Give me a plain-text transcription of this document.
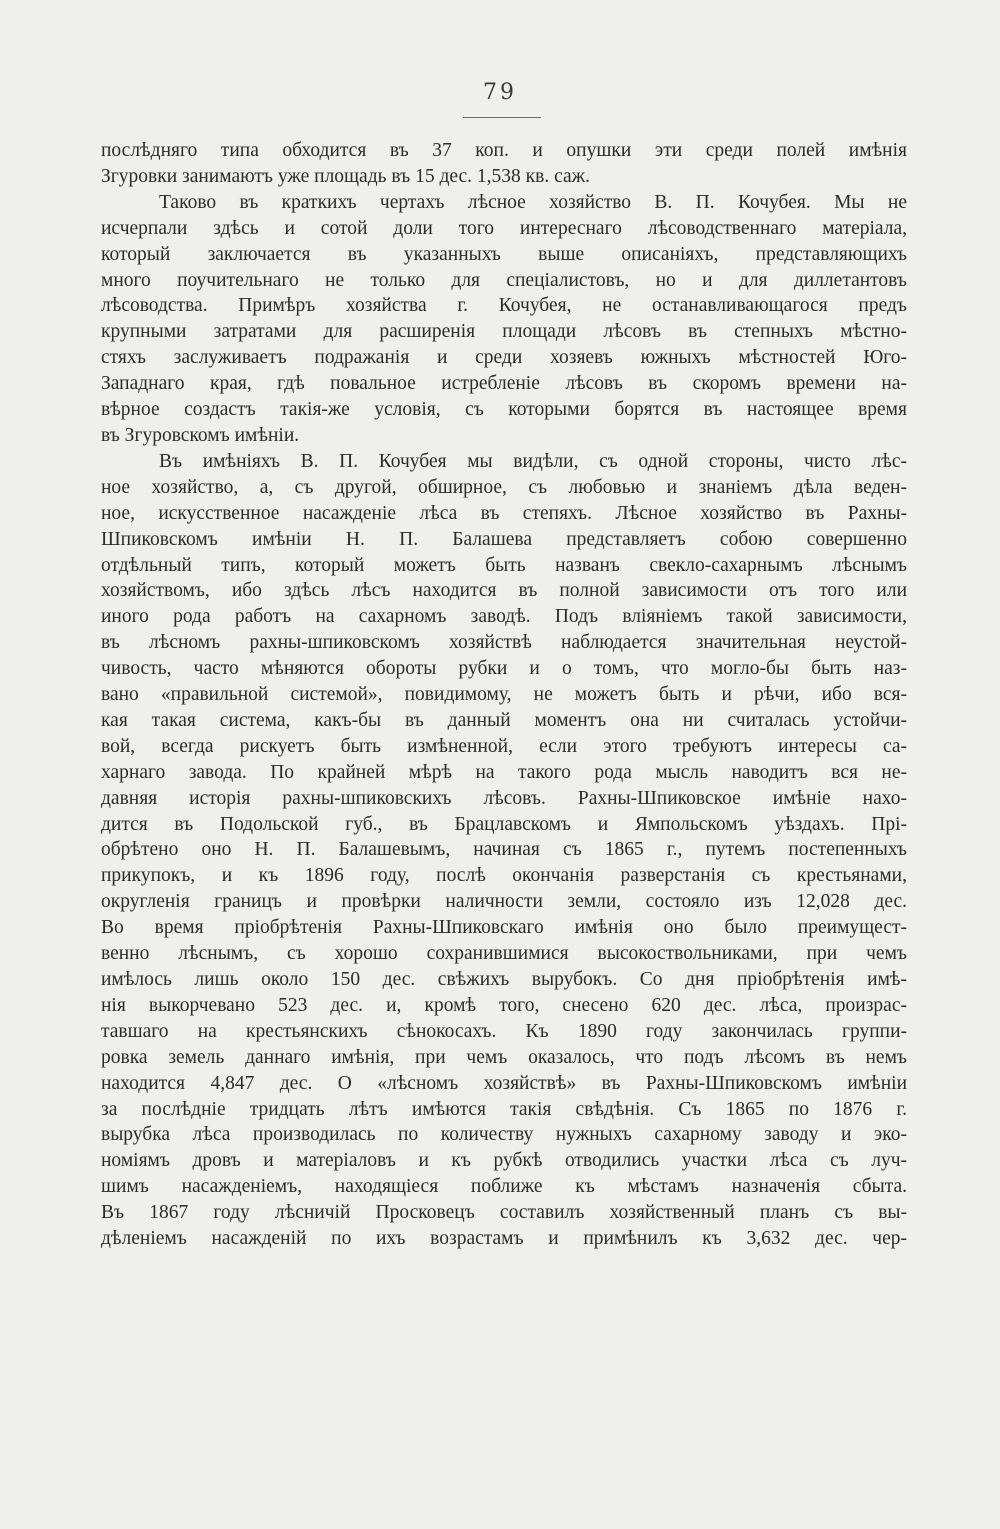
79
послѣдняго типа обходится въ 37 коп. и опушки эти среди полей имѣнія
Згуровки занимаютъ уже площадь въ 15 дес. 1,538 кв. саж.
Таково въ краткихъ чертахъ лѣсное хозяйство В. П. Кочубея. Мы не
исчерпали здѣсь и сотой доли того интереснаго лѣсоводственнаго матеріала,
который заключается въ указанныхъ выше описаніяхъ, представляющихъ
много поучительнаго не только для спеціалистовъ, но и для диллетантовъ
лѣсоводства. Примѣръ хозяйства г. Кочубея, не останавливающагося предъ
крупными затратами для расширенія площади лѣсовъ въ степныхъ мѣстно-
стяхъ заслуживаетъ подражанія и среди хозяевъ южныхъ мѣстностей Юго-
Западнаго края, гдѣ повальное истребленіе лѣсовъ въ скоромъ времени на-
вѣрное создастъ такія-же условія, съ которыми борятся въ настоящее время
въ Згуровскомъ имѣніи.
Въ имѣніяхъ В. П. Кочубея мы видѣли, съ одной стороны, чисто лѣс-
ное хозяйство, а, съ другой, обширное, съ любовью и знаніемъ дѣла веден-
ное, искусственное насажденіе лѣса въ степяхъ. Лѣсное хозяйство въ Рахны-
Шпиковскомъ имѣніи Н. П. Балашева представляетъ собою совершенно
отдѣльный типъ, который можетъ быть названъ свекло-сахарнымъ лѣснымъ
хозяйствомъ, ибо здѣсь лѣсъ находится въ полной зависимости отъ того или
иного рода работъ на сахарномъ заводѣ. Подъ вліяніемъ такой зависимости,
въ лѣсномъ рахны-шпиковскомъ хозяйствѣ наблюдается значительная неустой-
чивость, часто мѣняются обороты рубки и о томъ, что могло-бы быть наз-
вано «правильной системой», повидимому, не можетъ быть и рѣчи, ибо вся-
кая такая система, какъ-бы въ данный моментъ она ни считалась устойчи-
вой, всегда рискуетъ быть измѣненной, если этого требуютъ интересы са-
харнаго завода. По крайней мѣрѣ на такого рода мысль наводитъ вся не-
давняя исторія рахны-шпиковскихъ лѣсовъ. Рахны-Шпиковское имѣніе нахо-
дится въ Подольской губ., въ Брацлавскомъ и Ямпольскомъ уѣздахъ. Прі-
обрѣтено оно Н. П. Балашевымъ, начиная съ 1865 г., путемъ постепенныхъ
прикупокъ, и къ 1896 году, послѣ окончанія разверстанія съ крестьянами,
округленія границъ и провѣрки наличности земли, состояло изъ 12,028 дес.
Во время пріобрѣтенія Рахны-Шпиковскаго имѣнія оно было преимущест-
венно лѣснымъ, съ хорошо сохранившимися высокоствольниками, при чемъ
имѣлось лишь около 150 дес. свѣжихъ вырубокъ. Со дня пріобрѣтенія имѣ-
нія выкорчевано 523 дес. и, кромѣ того, снесено 620 дес. лѣса, произрас-
тавшаго на крестьянскихъ сѣнокосахъ. Къ 1890 году закончилась группи-
ровка земель даннаго имѣнія, при чемъ оказалось, что подъ лѣсомъ въ немъ
находится 4,847 дес. О «лѣсномъ хозяйствѣ» въ Рахны-Шпиковскомъ имѣніи
за послѣдніе тридцать лѣтъ имѣются такія свѣдѣнія. Съ 1865 по 1876 г.
вырубка лѣса производилась по количеству нужныхъ сахарному заводу и эко-
номіямъ дровъ и матеріаловъ и къ рубкѣ отводились участки лѣса съ луч-
шимъ насажденіемъ, находящіеся поближе къ мѣстамъ назначенія сбыта.
Въ 1867 году лѣсничій Просковецъ составилъ хозяйственный планъ съ вы-
дѣленіемъ насажденій по ихъ возрастамъ и примѣнилъ къ 3,632 дес. чер-
